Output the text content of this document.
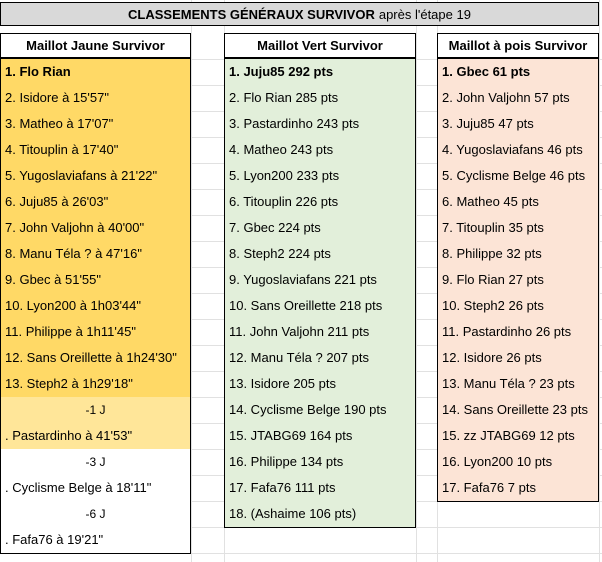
CLASSEMENTS GÉNÉRAUX SURVIVOR après l'étape 19
Maillot Jaune Survivor	Maillot Vert Survivor	Maillot à pois Survivor
1. Flo Rian
2. Isidore à 15'57"
3. Matheo à 17'07"
4. Titouplin à 17'40"
5. Yugoslaviafans à 21'22"
6. Juju85 à 26'03"
7. John Valjohn à 40'00"
8. Manu Téla ? à 47'16"
9. Gbec à 51'55"
10. Lyon200 à 1h03'44"
11. Philippe à 1h11'45"
12. Sans Oreillette à 1h24'30"
13. Steph2 à 1h29'18"
-1 J
. Pastardinho à 41'53"
-3 J
. Cyclisme Belge à 18'11"
-6 J
. Fafa76 à 19'21"
1. Juju85 292 pts
2. Flo Rian 285 pts
3. Pastardinho 243 pts
4. Matheo 243 pts
5. Lyon200 233 pts
6. Titouplin 226 pts
7. Gbec 224 pts
8. Steph2 224 pts
9. Yugoslaviafans 221 pts
10. Sans Oreillette 218 pts
11. John Valjohn 211 pts
12. Manu Téla ? 207 pts
13. Isidore 205 pts
14. Cyclisme Belge 190 pts
15. JTABG69 164 pts
16. Philippe 134 pts
17. Fafa76 111 pts
18. (Ashaime 106 pts)
1. Gbec 61 pts
2. John Valjohn 57 pts
3. Juju85 47 pts
4. Yugoslaviafans 46 pts
5. Cyclisme Belge 46 pts
6. Matheo 45 pts
7. Titouplin 35 pts
8. Philippe 32 pts
9. Flo Rian 27 pts
10. Steph2 26 pts
11. Pastardinho 26 pts
12. Isidore 26 pts
13. Manu Téla ? 23 pts
14. Sans Oreillette 23 pts
15. zz JTABG69 12 pts
16. Lyon200 10 pts
17. Fafa76 7 pts
